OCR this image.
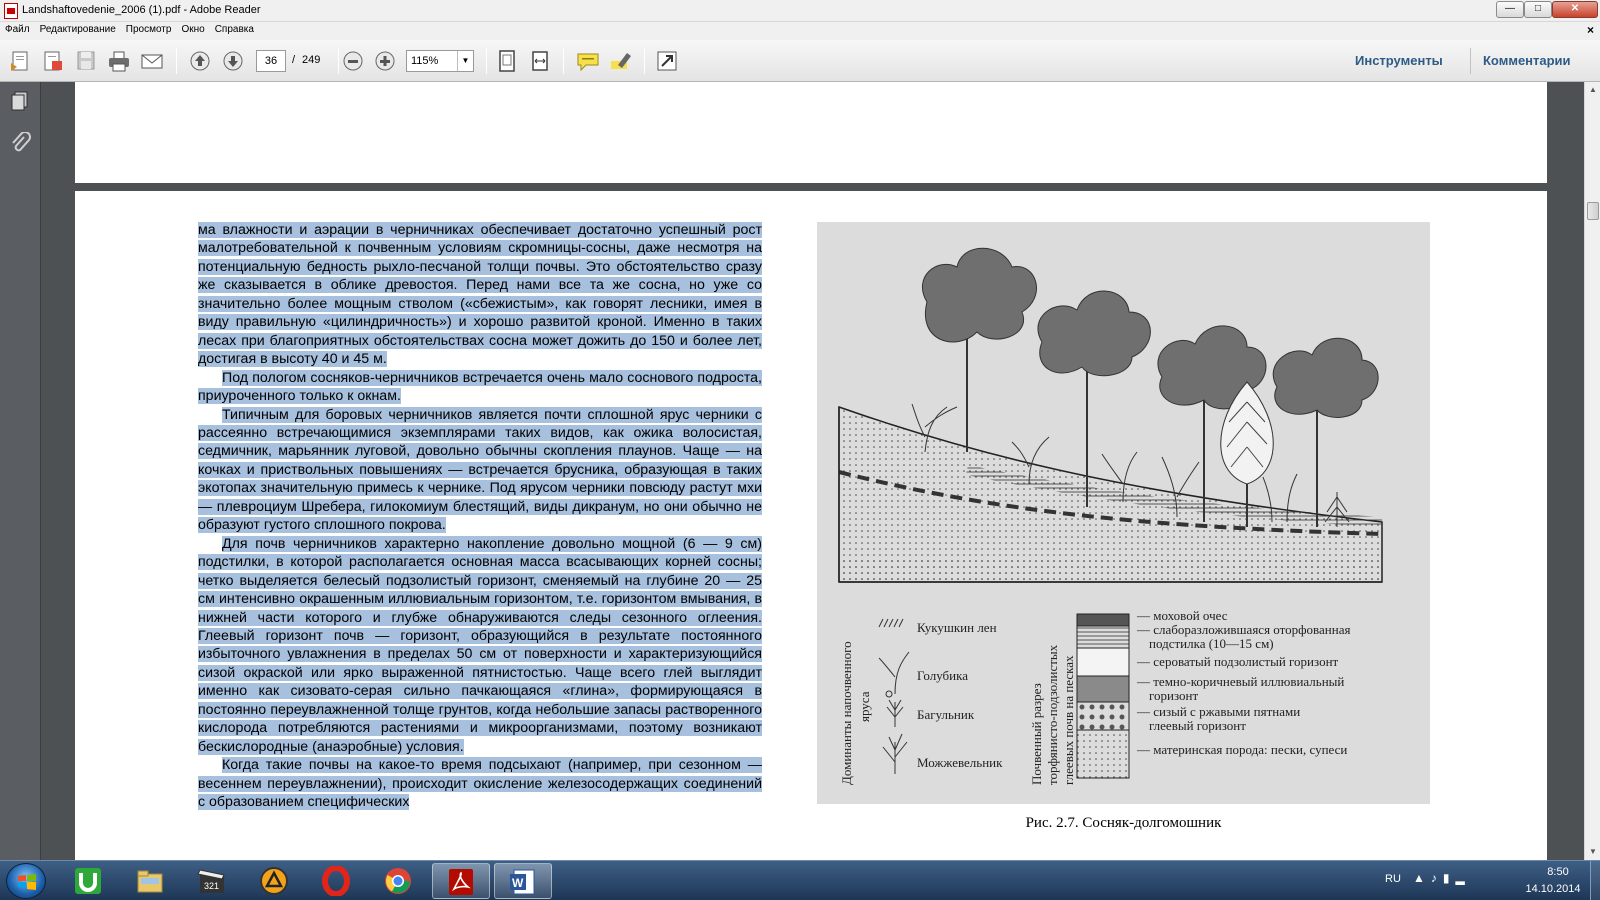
Landshaftovedenie_2006 (1).pdf - Adobe Reader	—	□	✕
Файл Редактирование Просмотр Окно Справка	×
36
/ 249	115%	▼	Инструменты	Комментарии

ма влажности и аэрации в черничниках обеспечивает достаточно успешный рост малотребовательной к почвенным условиям скромницы-сосны, даже несмотря на потенциальную бедность рыхло-песчаной толщи почвы. Это обстоятельство сразу же сказывается в облике древостоя. Перед нами все та же сосна, но уже со значительно более мощным стволом («сбежистым», как говорят лесники, имея в виду правильную «цилиндричность») и хорошо развитой кроной. Именно в таких лесах при благоприятных обстоятельствах сосна может дожить до 150 и более лет, достигая в высоту 40 и 45 м.

Под пологом сосняков-черничников встречается очень мало соснового подроста, приуроченного только к окнам.

Типичным для боровых черничников является почти сплошной ярус черники с рассеянно встречающимися экземплярами таких видов, как ожика волосистая, седмичник, марьянник луговой, довольно обычны скопления плаунов. Чаще — на кочках и приствольных повышениях — встречается брусника, образующая в таких экотопах значительную примесь к чернике. Под ярусом черники повсюду растут мхи — плевроциум Шребера, гилокомиум блестящий, виды дикранум, но они обычно не образуют густого сплошного покрова.

Для почв черничников характерно накопление довольно мощной (6 — 9 см) подстилки, в которой располагается основная масса всасывающих корней сосны; четко выделяется белесый подзолистый горизонт, сменяемый на глубине 20 — 25 см интенсивно окрашенным иллювиальным горизонтом, т.е. горизонтом вмывания, в нижней части которого и глубже обнаруживаются следы сезонного оглеения. Глеевый горизонт почв — горизонт, образующийся в результате постоянного избыточного увлажнения в пределах 50 см от поверхности и характеризующийся сизой окраской или ярко выраженной пятнистостью. Чаще всего глей выглядит именно как сизовато-серая сильно пачкающаяся «глина», формирующаяся в постоянно переувлажненной толще грунтов, когда небольшие запасы растворенного кислорода потребляются растениями и микроорганизмами, поэтому возникают бескислородные (анаэробные) условия.

Когда такие почвы на какое-то время подсыхают (например, при сезонном — весеннем переувлажнении), происходит окисление железосодержащих соединений с образованием специфических

Доминанты напочвенного яруса
Кукушкин лен
Голубика
Багульник
Можжевельник Почвенный разрез торфянисто-подзолистых глеевых почв на песках
— моховой очес
— слаборазложившаяся оторфованная
подстилка (10—15 см)
— сероватый подзолистый горизонт
— темно-коричневый иллювиальный
горизонт
— сизый с ржавыми пятнами
глеевый горизонт
— материнская порода: пески, супеси
Рис. 2.7. Сосняк-долгомошник
▲
▼
321	W	RU ▲♪▮▂	8:50
14.10.2014
